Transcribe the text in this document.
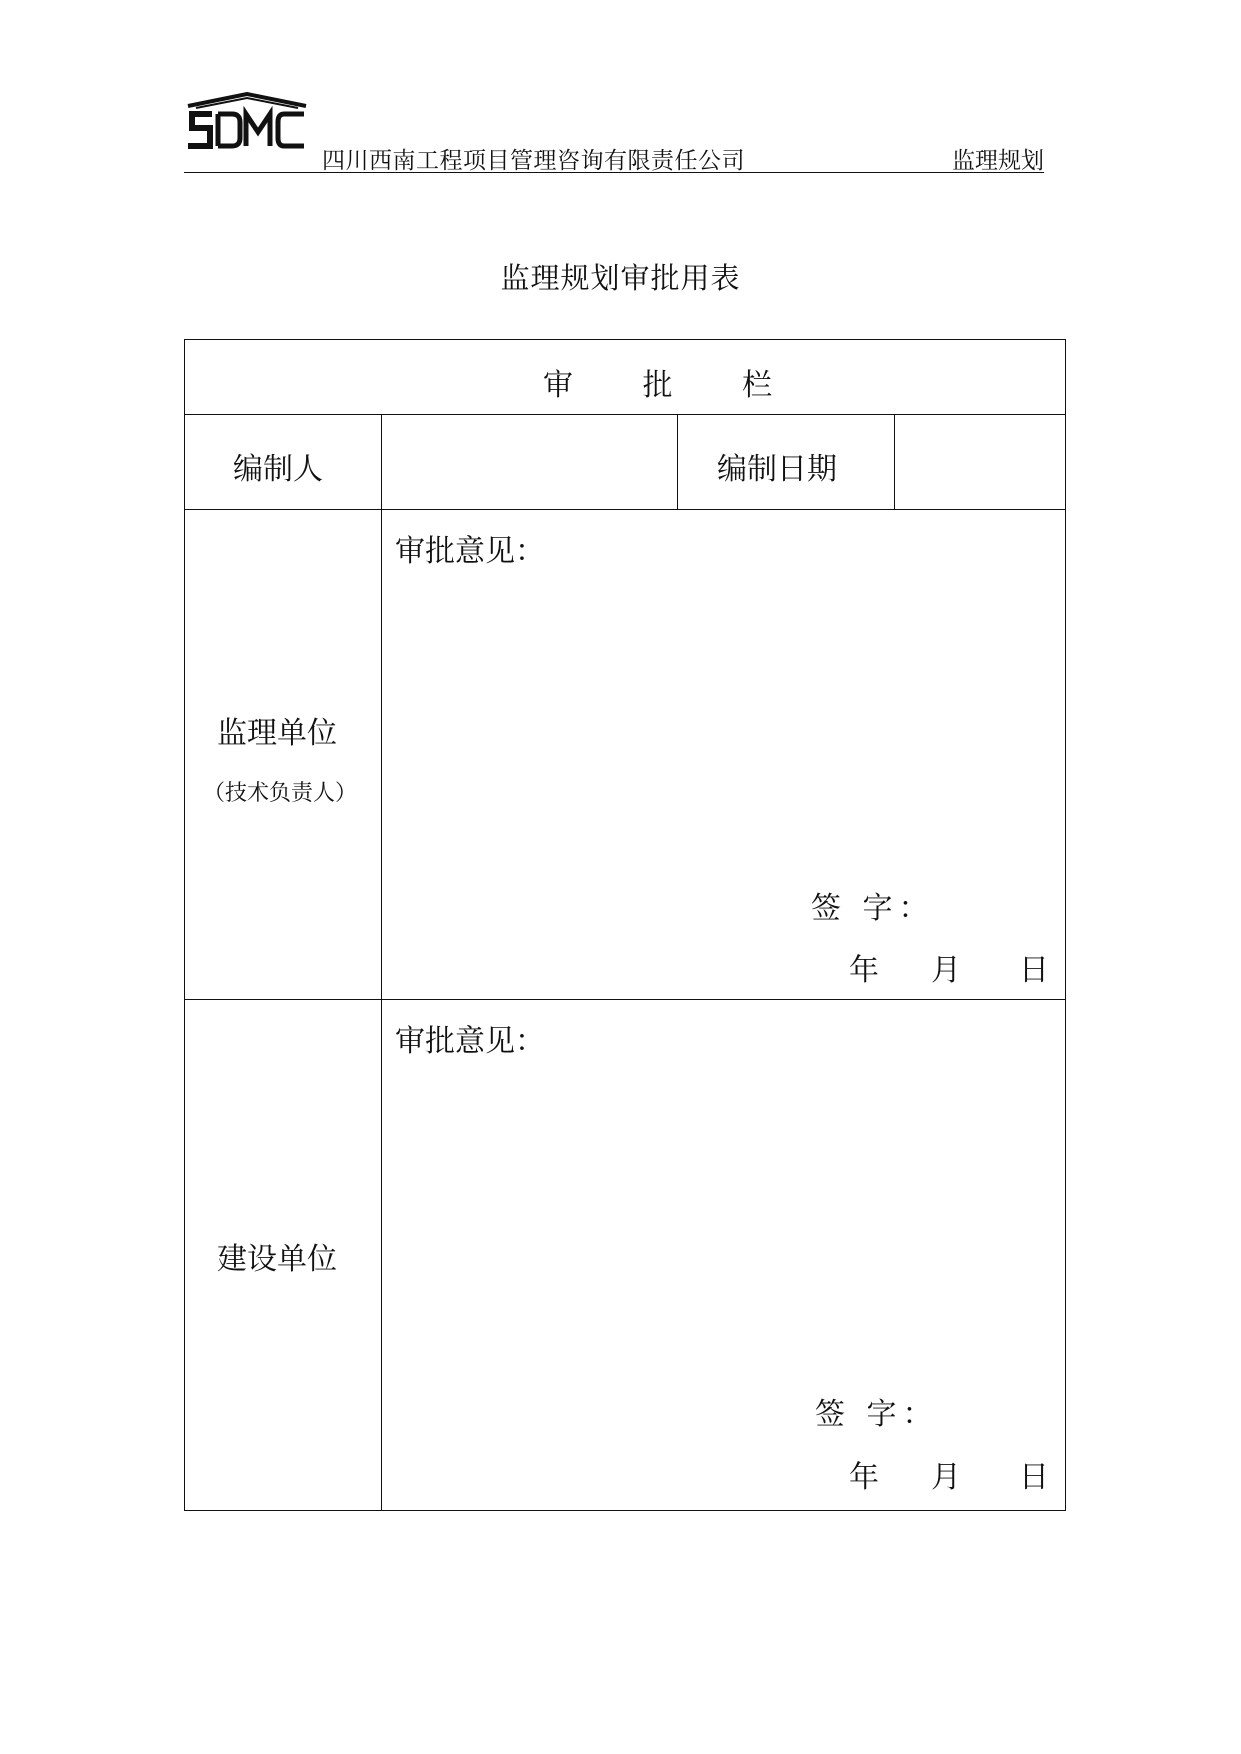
四川西南工程项目管理咨询有限责任公司	监理规划
监理规划审批用表
审 批 栏
编制人	编制日期
监理单位
（技术负责人）
审批意见：
签 字：
年 月 日
建设单位
审批意见：
签 字：
年 月 日
